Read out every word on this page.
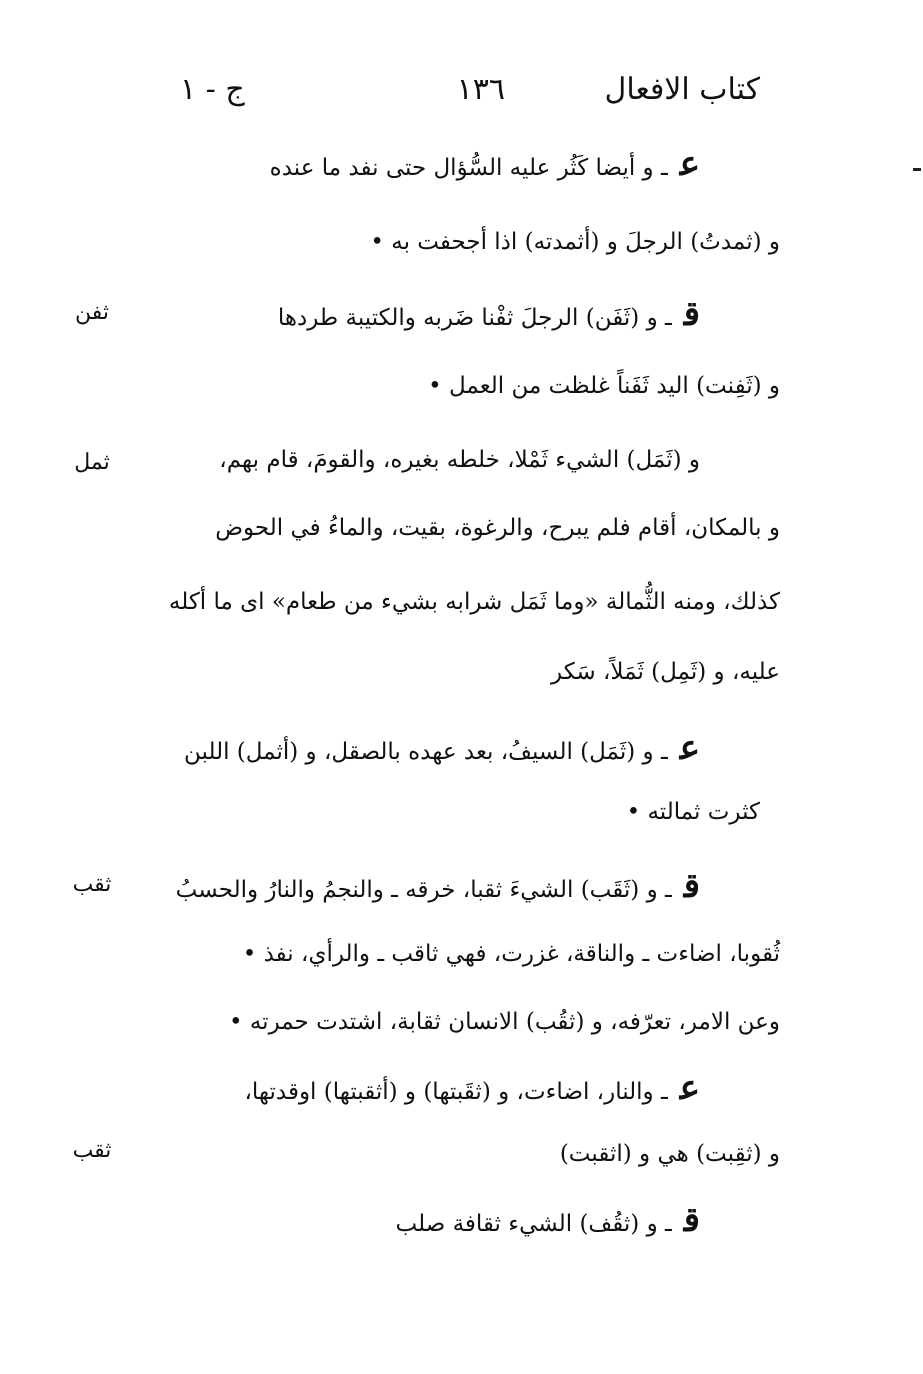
كتاب الافعال
١٣٦
ج - ١
ثفن
ثمل
ثقب
ثقب
عـ و أيضا كَثُر عليه السُّؤال حتى نفد ما عنده
و (ثمدتُ) الرجلَ و (أثمدته) اذا أجحفت به •
قـ و (ثَفَن) الرجلَ ثفْنا ضَربه والكتيبة طردها
و (ثَفِنت) اليد ثَفَناً غلظت من العمل •
و (ثَمَل) الشيء ثَمْلا، خلطه بغيره، والقومَ، قام بهم،
و بالمكان، أقام فلم يبرح، والرغوة، بقيت، والماءُ في الحوض
كذلك، ومنه الثُّمالة «وما ثَمَل شرابه بشيء من طعام» اى ما أكله
عليه، و (ثَمِل) ثَمَلاً، سَكر
عـ و (ثَمَل) السيفُ، بعد عهده بالصقل، و (أثمل) اللبن
كثرت ثمالته •
قـ و (ثَقَب) الشيءَ ثقبا، خرقه ـ والنجمُ والنارُ والحسبُ
ثُقوبا، اضاءت ـ والناقة، غزرت، فهي ثاقب ـ والرأي، نفذ •
وعن الامر، تعرّفه، و (ثقُب) الانسان ثقابة، اشتدت حمرته •
عـ والنار، اضاءت، و (ثقَبتها) و (أثقبتها) اوقدتها،
و (ثقِبت) هي و (اثقبت)
قـ و (ثقُف) الشيء ثقافة صلب
